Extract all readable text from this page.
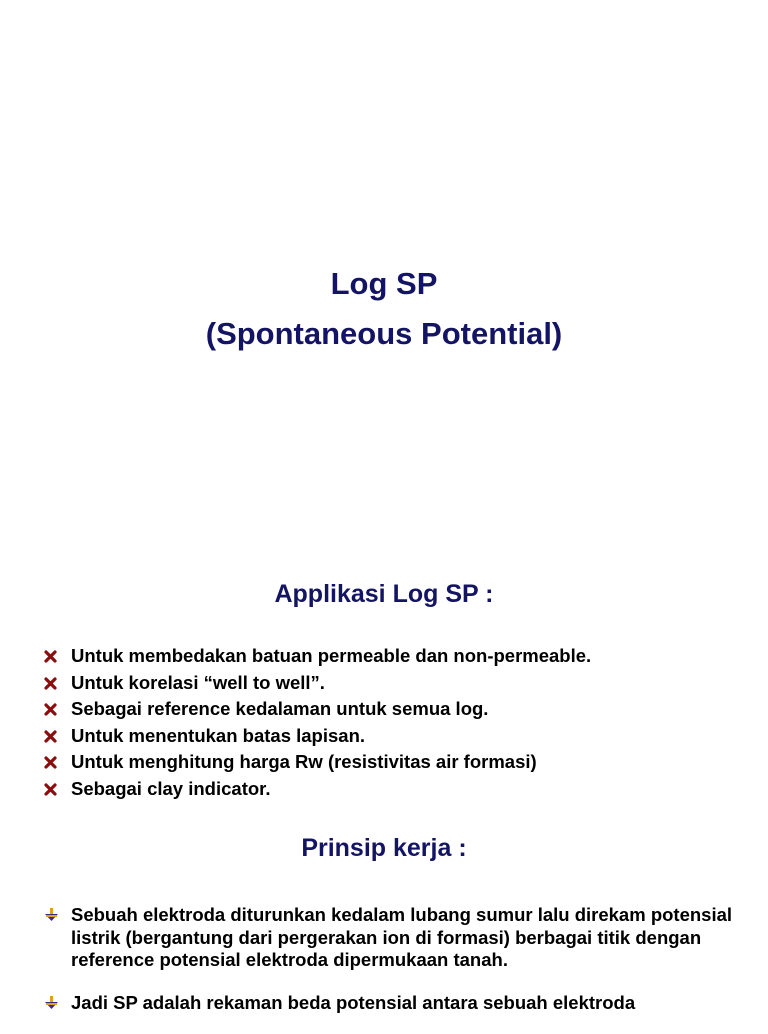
Log SP
(Spontaneous Potential)
Applikasi Log SP :
Untuk membedakan batuan permeable dan non-permeable.
Untuk korelasi “well to well”.
Sebagai reference kedalaman untuk semua log.
Untuk menentukan batas lapisan.
Untuk menghitung harga Rw (resistivitas air formasi)
Sebagai clay indicator.
Prinsip kerja :
Sebuah elektroda diturunkan kedalam lubang sumur lalu direkam potensial listrik (bergantung dari pergerakan ion di formasi) berbagai titik dengan reference potensial elektroda dipermukaan tanah.
Jadi SP adalah rekaman beda potensial antara sebuah elektroda
